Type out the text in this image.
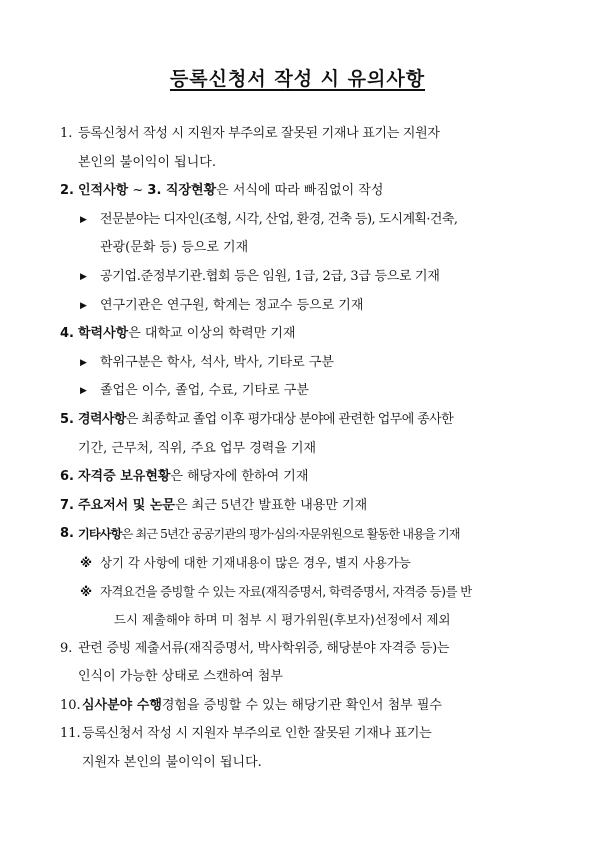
등록신청서 작성 시 유의사항
1. 등록신청서 작성 시 지원자 부주의로 잘못된 기재나 표기는 지원자
본인의 불이익이 됩니다.
2. 인적사항 ~ 3. 직장현황은 서식에 따라 빠짐없이 작성
▶ 전문분야는 디자인(조형, 시각, 산업, 환경, 건축 등), 도시계획·건축,
관광(문화 등) 등으로 기재
▶ 공기업.준정부기관.협회 등은 임원, 1급, 2급, 3급 등으로 기재
▶ 연구기관은 연구원, 학계는 정교수 등으로 기재
4. 학력사항은 대학교 이상의 학력만 기재
▶ 학위구분은 학사, 석사, 박사, 기타로 구분
▶ 졸업은 이수, 졸업, 수료, 기타로 구분
5. 경력사항은 최종학교 졸업 이후 평가대상 분야에 관련한 업무에 종사한
기간, 근무처, 직위, 주요 업무 경력을 기재
6. 자격증 보유현황은 해당자에 한하여 기재
7. 주요저서 및 논문은 최근 5년간 발표한 내용만 기재
8. 기타사항은 최근 5년간 공공기관의 평가·심의·자문위원으로 활동한 내용을 기재
※ 상기 각 사항에 대한 기재내용이 많은 경우, 별지 사용가능
※ 자격요건을 증빙할 수 있는 자료(재직증명서, 학력증명서, 자격증 등)를 반
드시 제출해야 하며 미 첨부 시 평가위원(후보자)선정에서 제외
9. 관련 증빙 제출서류(재직증명서, 박사학위증, 해당분야 자격증 등)는
인식이 가능한 상태로 스캔하여 첨부
10. 심사분야 수행경험을 증빙할 수 있는 해당기관 확인서 첨부 필수
11. 등록신청서 작성 시 지원자 부주의로 인한 잘못된 기재나 표기는
지원자 본인의 불이익이 됩니다.
